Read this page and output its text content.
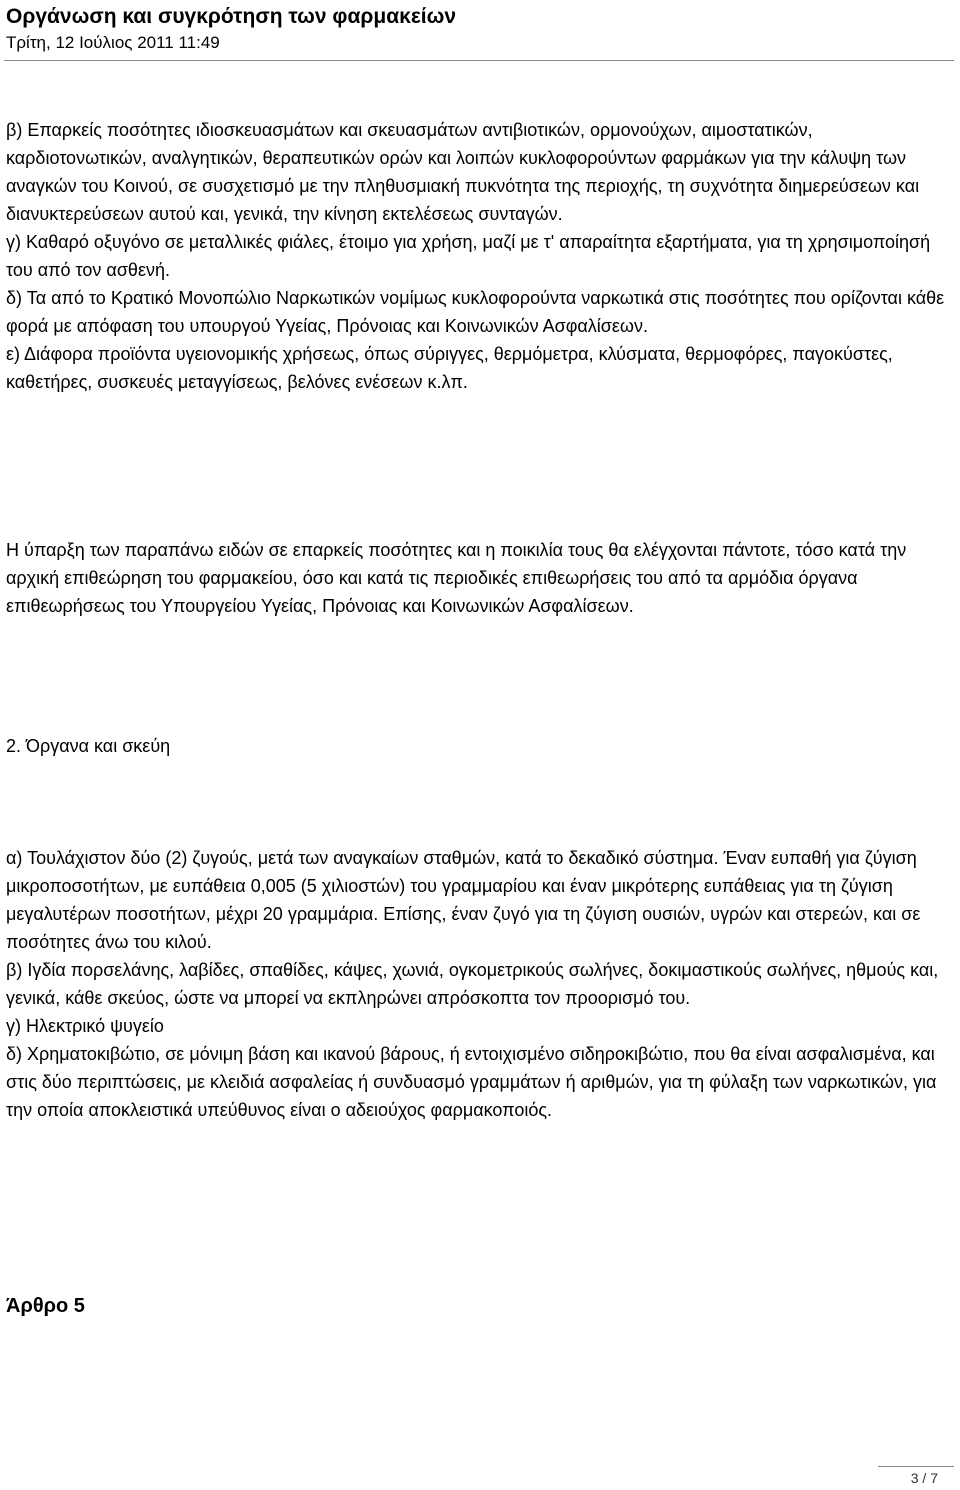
Οργάνωση και συγκρότηση των φαρμακείων
Τρίτη, 12 Ιούλιος 2011 11:49
β) Επαρκείς ποσότητες ιδιοσκευασμάτων και σκευασμάτων αντιβιοτικών, ορμονούχων, αιμοστατικών, καρδιοτονωτικών, αναλγητικών, θεραπευτικών ορών και λοιπών κυκλοφορούντων φαρμάκων για την κάλυψη των αναγκών του Κοινού, σε συσχετισμό με την πληθυσμιακή πυκνότητα της περιοχής, τη συχνότητα διημερεύσεων και διανυκτερεύσεων αυτού και, γενικά, την κίνηση εκτελέσεως συνταγών.
γ) Καθαρό οξυγόνο σε μεταλλικές φιάλες, έτοιμο για χρήση, μαζί με τ' απαραίτητα εξαρτήματα, για τη χρησιμοποίησή του από τον ασθενή.
δ) Τα από το Κρατικό Μονοπώλιο Ναρκωτικών νομίμως κυκλοφορούντα ναρκωτικά στις ποσότητες που ορίζονται κάθε φορά με απόφαση του υπουργού Υγείας, Πρόνοιας και Κοινωνικών Ασφαλίσεων.
ε) Διάφορα προϊόντα υγειονομικής χρήσεως, όπως σύριγγες, θερμόμετρα, κλύσματα, θερμοφόρες, παγοκύστες, καθετήρες, συσκευές μεταγγίσεως, βελόνες ενέσεων κ.λπ.
Η ύπαρξη των παραπάνω ειδών σε επαρκείς ποσότητες και η ποικιλία τους θα ελέγχονται πάντοτε, τόσο κατά την αρχική επιθεώρηση του φαρμακείου, όσο και κατά τις περιοδικές επιθεωρήσεις του από τα αρμόδια όργανα επιθεωρήσεως του Υπουργείου Υγείας, Πρόνοιας και Κοινωνικών Ασφαλίσεων.
2. Όργανα και σκεύη
α) Τουλάχιστον δύο (2) ζυγούς, μετά των αναγκαίων σταθμών, κατά το δεκαδικό σύστημα. Έναν ευπαθή για ζύγιση μικροποσοτήτων, με ευπάθεια 0,005 (5 χιλιοστών) του γραμμαρίου και έναν μικρότερης ευπάθειας για τη ζύγιση μεγαλυτέρων ποσοτήτων, μέχρι 20 γραμμάρια. Επίσης, έναν ζυγό για τη ζύγιση ουσιών, υγρών και στερεών, και σε ποσότητες άνω του κιλού.
β) Ιγδία πορσελάνης, λαβίδες, σπαθίδες, κάψες, χωνιά, ογκομετρικούς σωλήνες, δοκιμαστικούς σωλήνες, ηθμούς και, γενικά, κάθε σκεύος, ώστε να μπορεί να εκπληρώνει απρόσκοπτα τον προορισμό του.
γ) Ηλεκτρικό ψυγείο
δ) Χρηματοκιβώτιο, σε μόνιμη βάση και ικανού βάρους, ή εντοιχισμένο σιδηροκιβώτιο, που θα είναι ασφαλισμένα, και στις δύο περιπτώσεις, με κλειδιά ασφαλείας ή συνδυασμό γραμμάτων ή αριθμών, για τη φύλαξη των ναρκωτικών, για την οποία αποκλειστικά υπεύθυνος είναι ο αδειούχος φαρμακοποιός.
Άρθρο 5
3 / 7
